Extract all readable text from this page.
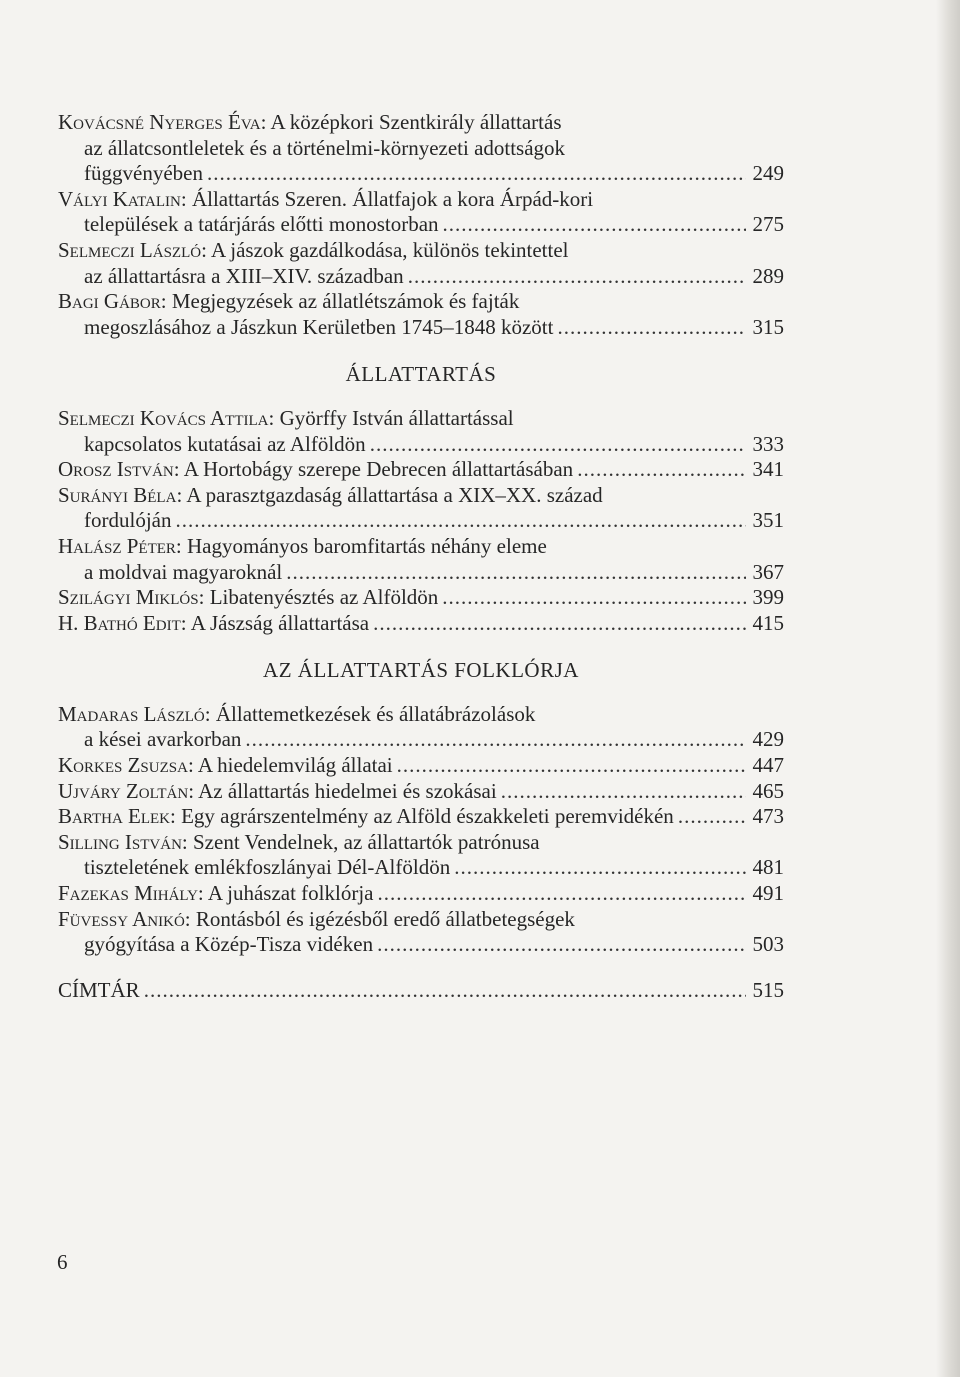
Kovácsné Nyerges Éva: A középkori Szentkirály állattartás
az állatcsontleletek és a történelmi-környezeti adottságok
függvényében .....	249
Vályi Katalin: Állattartás Szeren. Állatfajok a kora Árpád-kori
települések a tatárjárás előtti monostorban .....	275
Selmeczi László: A jászok gazdálkodása, különös tekintettel
az állattartásra a XIII–XIV. században .....	289
Bagi Gábor: Megjegyzések az állatlétszámok és fajták
megoszlásához a Jászkun Kerületben 1745–1848 között .....	315
ÁLLATTARTÁS
Selmeczi Kovács Attila: Györffy István állattartással
kapcsolatos kutatásai az Alföldön .....	333
Orosz István: A Hortobágy szerepe Debrecen állattartásában .....	341
Surányi Béla: A parasztgazdaság állattartása a XIX–XX. század
fordulóján .....	351
Halász Péter: Hagyományos baromfitartás néhány eleme
a moldvai magyaroknál .....	367
Szilágyi Miklós: Libatenyésztés az Alföldön .....	399
H. Bathó Edit: A Jászság állattartása .....	415
AZ ÁLLATTARTÁS FOLKLÓRJA
Madaras László: Állattemetkezések és állatábrázolások
a kései avarkorban .....	429
Korkes Zsuzsa: A hiedelemvilág állatai .....	447
Ujváry Zoltán: Az állattartás hiedelmei és szokásai .....	465
Bartha Elek: Egy agrárszentelmény az Alföld északkeleti peremvidékén .....	473
Silling István: Szent Vendelnek, az állattartók patrónusa
tiszteletének emlékfoszlányai Dél-Alföldön .....	481
Fazekas Mihály: A juhászat folklórja .....	491
Füvessy Anikó: Rontásból és igézésből eredő állatbetegségek
gyógyítása a Közép-Tisza vidéken .....	503
CÍMTÁR .....	515
6
